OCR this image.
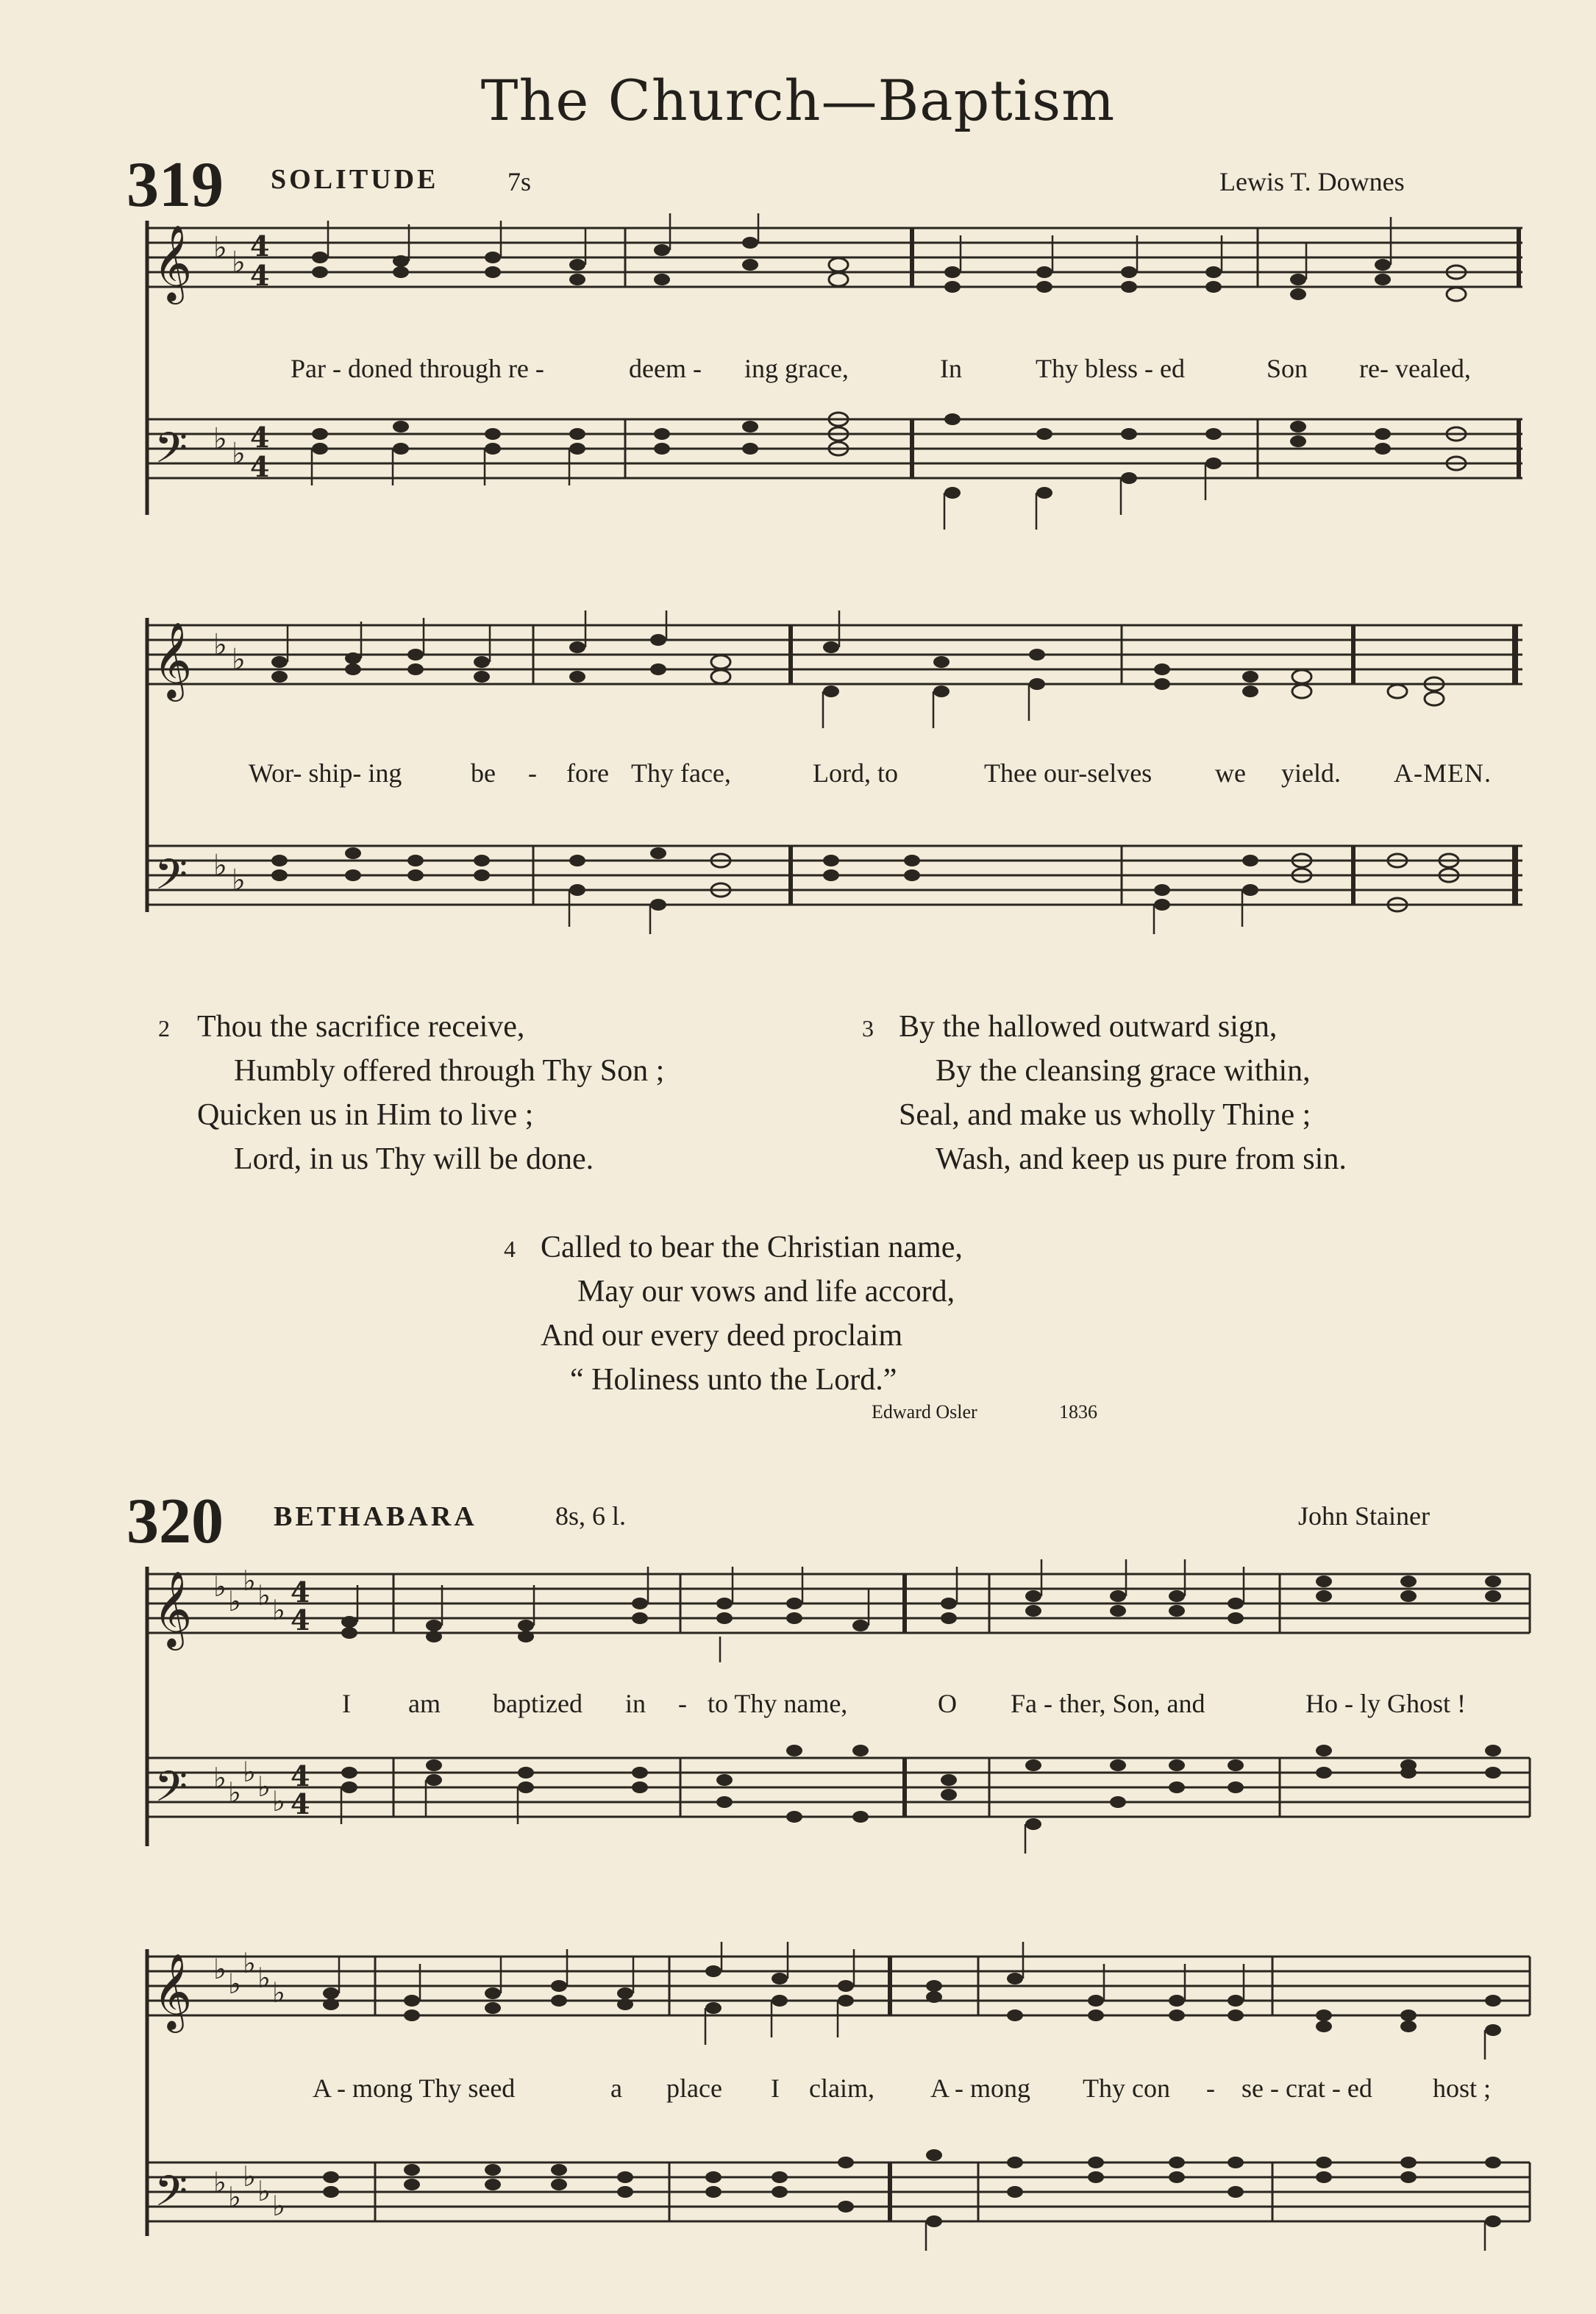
The Church—Baptism
319 SOLITUDE	7s	Lewis T. Downes
𝄞 ♭ ♭ 4
4
𝄢 ♭ ♭ 4
4
Par - doned through re -	deem - ing grace,	In	Thy bless - ed	Son re- vealed,
𝄞 ♭ ♭
𝄢 ♭ ♭
Wor- ship- ing	be - fore Thy face,	Lord, to	Thee our-selves we yield. A-MEN.
2 Thou the sacrifice receive,
Humbly offered through Thy Son ;
Quicken us in Him to live ;
Lord, in us Thy will be done.
3 By the hallowed outward sign,
By the cleansing grace within,
Seal, and make us wholly Thine ;
Wash, and keep us pure from sin.
4 Called to bear the Christian name,
May our vows and life accord,
And our every deed proclaim
“ Holiness unto the Lord.”
Edward Osler	1836
320 BETHABARA	8s, 6 l.	John Stainer
𝄞 ♭ ♭
♭ ♭ ♭
4
4
𝄢 ♭ ♭
♭ ♭ ♭
4
4
I am baptized in - to Thy name,	O Fa - ther, Son, and	Ho - ly Ghost !
𝄞 ♭ ♭
♭ ♭ ♭
𝄢 ♭ ♭
♭ ♭ ♭
A - mong Thy seed	a place I claim, A - mong Thy con - se - crat - ed host ;
